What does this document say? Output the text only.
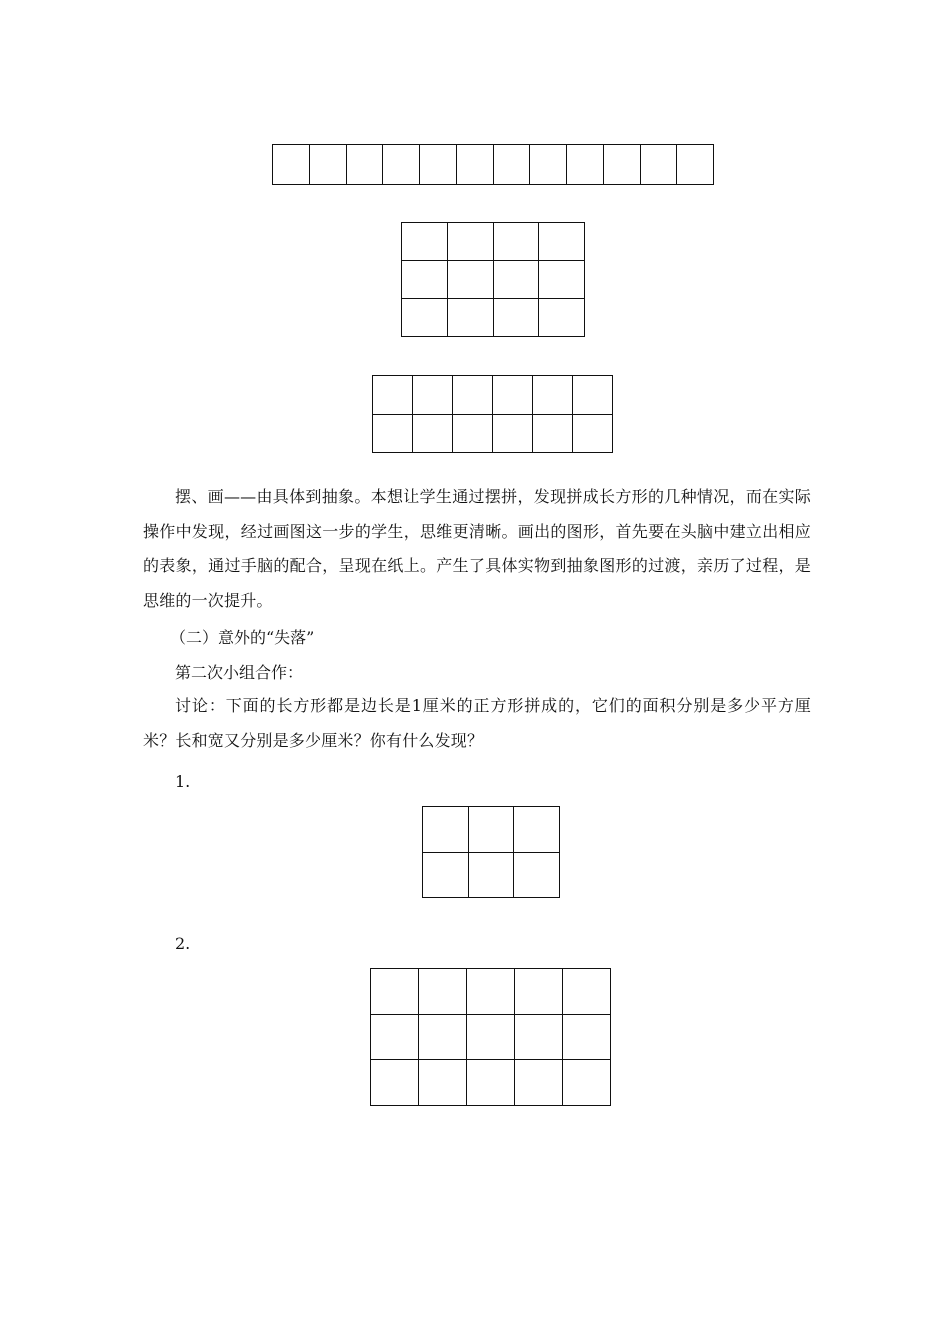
摆、画——由具体到抽象。本想让学生通过摆拼，发现拼成长方形的几种情况，而在实际操作中发现，经过画图这一步的学生，思维更清晰。画出的图形，首先要在头脑中建立出相应的表象，通过手脑的配合，呈现在纸上。产生了具体实物到抽象图形的过渡，亲历了过程，是思维的一次提升。

（二）意外的“失落”

第二次小组合作：

讨论：下面的长方形都是边长是1厘米的正方形拼成的，它们的面积分别是多少平方厘米？长和宽又分别是多少厘米？你有什么发现？

1.

2.
